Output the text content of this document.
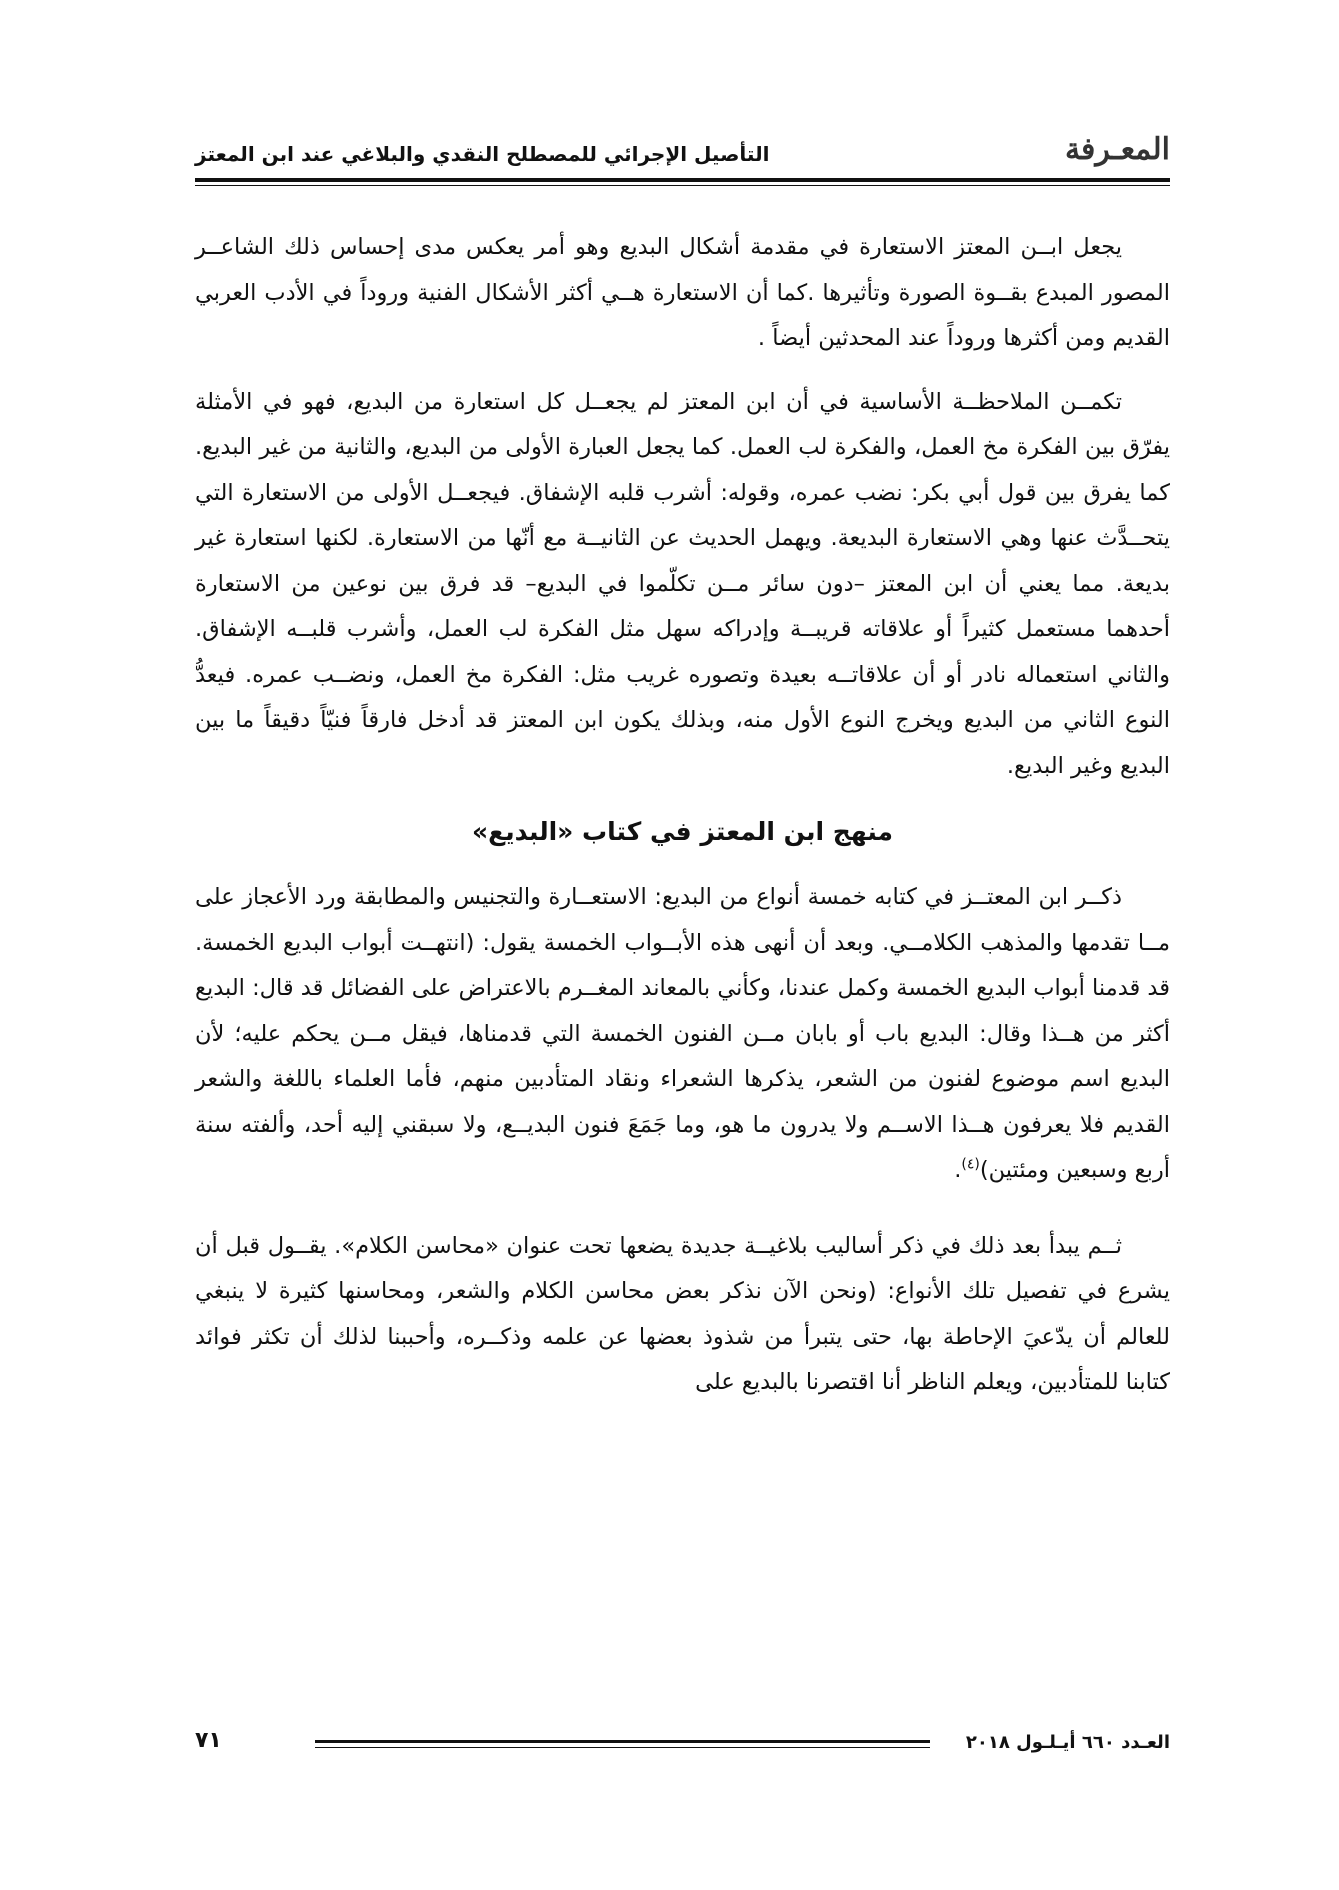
المعـرفة
التأصيل الإجرائي للمصطلح النقدي والبلاغي عند ابن المعتز

يجعل ابــن المعتز الاستعارة في مقدمة أشكال البديع وهو أمر يعكس مدى إحساس ذلك الشاعــر المصور المبدع بقــوة الصورة وتأثيرها .كما أن الاستعارة هــي أكثر الأشكال الفنية وروداً في الأدب العربي القديم ومن أكثرها وروداً عند المحدثين أيضاً .

تكمــن الملاحظــة الأساسية في أن ابن المعتز لم يجعــل كل استعارة من البديع، فهو في الأمثلة يفرّق بين الفكرة مخ العمل، والفكرة لب العمل. كما يجعل العبارة الأولى من البديع، والثانية من غير البديع. كما يفرق بين قول أبي بكر: نضب عمره، وقوله: أشرب قلبه الإشفاق. فيجعــل الأولى من الاستعارة التي يتحــدَّث عنها وهي الاستعارة البديعة. ويهمل الحديث عن الثانيــة مع أنّها من الاستعارة. لكنها استعارة غير بديعة. مما يعني أن ابن المعتز –دون سائر مــن تكلّموا في البديع– قد فرق بين نوعين من الاستعارة أحدهما مستعمل كثيراً أو علاقاته قريبــة وإدراكه سهل مثل الفكرة لب العمل، وأشرب قلبــه الإشفاق. والثاني استعماله نادر أو أن علاقاتــه بعيدة وتصوره غريب مثل: الفكرة مخ العمل، ونضــب عمره. فيعدُّ النوع الثاني من البديع ويخرج النوع الأول منه، وبذلك يكون ابن المعتز قد أدخل فارقاً فنيّاً دقيقاً ما بين البديع وغير البديع.

منهج ابن المعتز في كتاب «البديع»

ذكــر ابن المعتــز في كتابه خمسة أنواع من البديع: الاستعــارة والتجنيس والمطابقة ورد الأعجاز على مــا تقدمها والمذهب الكلامــي. وبعد أن أنهى هذه الأبــواب الخمسة يقول: (انتهــت أبواب البديع الخمسة. قد قدمنا أبواب البديع الخمسة وكمل عندنا، وكأني بالمعاند المغــرم بالاعتراض على الفضائل قد قال: البديع أكثر من هــذا وقال: البديع باب أو بابان مــن الفنون الخمسة التي قدمناها، فيقل مــن يحكم عليه؛ لأن البديع اسم موضوع لفنون من الشعر، يذكرها الشعراء ونقاد المتأدبين منهم، فأما العلماء باللغة والشعر القديم فلا يعرفون هــذا الاســم ولا يدرون ما هو، وما جَمَعَ فنون البديــع، ولا سبقني إليه أحد، وألفته سنة أربع وسبعين ومئتين)$^{(٤)}$.

ثــم يبدأ بعد ذلك في ذكر أساليب بلاغيــة جديدة يضعها تحت عنوان «محاسن الكلام». يقــول قبل أن يشرع في تفصيل تلك الأنواع: (ونحن الآن نذكر بعض محاسن الكلام والشعر، ومحاسنها كثيرة لا ينبغي للعالم أن يدّعيَ الإحاطة بها، حتى يتبرأ من شذوذ بعضها عن علمه وذكــره، وأحببنا لذلك أن تكثر فوائد كتابنا للمتأدبين، ويعلم الناظر أنا اقتصرنا بالبديع على

العـدد ٦٦٠ أيـلـول ٢٠١٨
٧١
